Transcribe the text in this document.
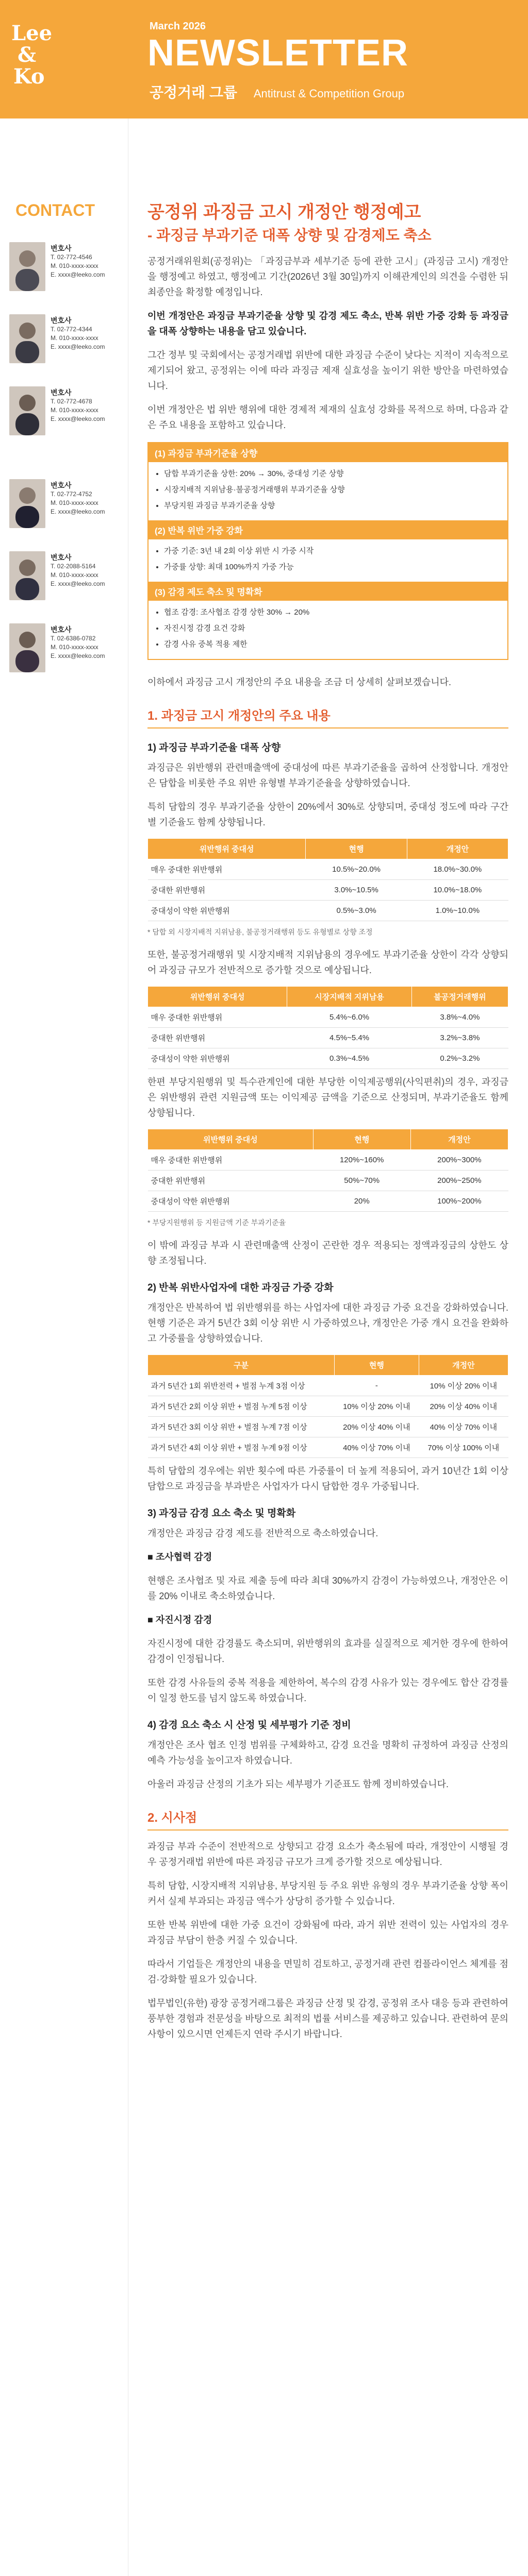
Lee
&
Ko
March 2026
NEWSLETTER
공정거래 그룹 Antitrust & Competition Group
CONTACT
변호사
T. 02-772-4546
M. 010-xxxx-xxxx
E. xxxx@leeko.com
변호사
T. 02-772-4344
M. 010-xxxx-xxxx
E. xxxx@leeko.com
변호사
T. 02-772-4678
M. 010-xxxx-xxxx
E. xxxx@leeko.com
변호사
T. 02-772-4752
M. 010-xxxx-xxxx
E. xxxx@leeko.com
변호사
T. 02-2088-5164
M. 010-xxxx-xxxx
E. xxxx@leeko.com
변호사
T. 02-6386-0782
M. 010-xxxx-xxxx
E. xxxx@leeko.com
공정위 과징금 고시 개정안 행정예고
- 과징금 부과기준 대폭 상향 및 감경제도 축소

공정거래위원회(공정위)는 「과징금부과 세부기준 등에 관한 고시」(과징금 고시) 개정안을 행정예고 하였고, 행정예고 기간(2026년 3월 30일)까지 이해관계인의 의견을 수렴한 뒤 최종안을 확정할 예정입니다.

이번 개정안은 과징금 부과기준율 상향 및 감경 제도 축소, 반복 위반 가중 강화 등 과징금을 대폭 상향하는 내용을 담고 있습니다.

그간 정부 및 국회에서는 공정거래법 위반에 대한 과징금 수준이 낮다는 지적이 지속적으로 제기되어 왔고, 공정위는 이에 따라 과징금 제재 실효성을 높이기 위한 방안을 마련하였습니다.

이번 개정안은 법 위반 행위에 대한 경제적 제재의 실효성 강화를 목적으로 하며, 다음과 같은 주요 내용을 포함하고 있습니다.

(1) 과징금 부과기준율 상향
• 담합 부과기준율 상한: 20% → 30%, 중대성 기준 상향
• 시장지배적 지위남용·불공정거래행위 부과기준율 상향
• 부당지원 과징금 부과기준율 상향
(2) 반복 위반 가중 강화
• 가중 기준: 3년 내 2회 이상 위반 시 가중 시작
• 가중률 상향: 최대 100%까지 가중 가능
(3) 감경 제도 축소 및 명확화
• 협조 감경: 조사협조 감경 상한 30% → 20%
• 자진시정 감경 요건 강화
• 감경 사유 중복 적용 제한

이하에서 과징금 고시 개정안의 주요 내용을 조금 더 상세히 살펴보겠습니다.

1. 과징금 고시 개정안의 주요 내용
1) 과징금 부과기준율 대폭 상향

과징금은 위반행위 관련매출액에 중대성에 따른 부과기준율을 곱하여 산정합니다. 개정안은 담합을 비롯한 주요 위반 유형별 부과기준율을 상향하였습니다.

특히 담합의 경우 부과기준율 상한이 20%에서 30%로 상향되며, 중대성 정도에 따라 구간별 기준율도 함께 상향됩니다.

위반행위 중대성	현행	개정안
매우 중대한 위반행위	10.5%~20.0%	18.0%~30.0%
중대한 위반행위	3.0%~10.5%	10.0%~18.0%
중대성이 약한 위반행위	0.5%~3.0%	1.0%~10.0%
* 담합 외 시장지배적 지위남용, 불공정거래행위 등도 유형별로 상향 조정

또한, 불공정거래행위 및 시장지배적 지위남용의 경우에도 부과기준율 상한이 각각 상향되어 과징금 규모가 전반적으로 증가할 것으로 예상됩니다.

위반행위 중대성	시장지배적 지위남용	불공정거래행위
매우 중대한 위반행위	5.4%~6.0%	3.8%~4.0%
중대한 위반행위	4.5%~5.4%	3.2%~3.8%
중대성이 약한 위반행위	0.3%~4.5%	0.2%~3.2%

한편 부당지원행위 및 특수관계인에 대한 부당한 이익제공행위(사익편취)의 경우, 과징금은 위반행위 관련 지원금액 또는 이익제공 금액을 기준으로 산정되며, 부과기준율도 함께 상향됩니다.

위반행위 중대성	현행	개정안
매우 중대한 위반행위	120%~160%	200%~300%
중대한 위반행위	50%~70%	200%~250%
중대성이 약한 위반행위	20%	100%~200%
* 부당지원행위 등 지원금액 기준 부과기준율

이 밖에 과징금 부과 시 관련매출액 산정이 곤란한 경우 적용되는 정액과징금의 상한도 상향 조정됩니다.

2) 반복 위반사업자에 대한 과징금 가중 강화

개정안은 반복하여 법 위반행위를 하는 사업자에 대한 과징금 가중 요건을 강화하였습니다. 현행 기준은 과거 5년간 3회 이상 위반 시 가중하였으나, 개정안은 가중 개시 요건을 완화하고 가중률을 상향하였습니다.

구분	현행	개정안
과거 5년간 1회 위반전력 + 벌점 누계 3점 이상	-	10% 이상 20% 이내
과거 5년간 2회 이상 위반 + 벌점 누계 5점 이상	10% 이상 20% 이내	20% 이상 40% 이내
과거 5년간 3회 이상 위반 + 벌점 누계 7점 이상	20% 이상 40% 이내	40% 이상 70% 이내
과거 5년간 4회 이상 위반 + 벌점 누계 9점 이상	40% 이상 70% 이내	70% 이상 100% 이내

특히 담합의 경우에는 위반 횟수에 따른 가중률이 더 높게 적용되어, 과거 10년간 1회 이상 담합으로 과징금을 부과받은 사업자가 다시 담합한 경우 가중됩니다.

3) 과징금 감경 요소 축소 및 명확화

개정안은 과징금 감경 제도를 전반적으로 축소하였습니다.

■ 조사협력 감경

현행은 조사협조 및 자료 제출 등에 따라 최대 30%까지 감경이 가능하였으나, 개정안은 이를 20% 이내로 축소하였습니다.

■ 자진시정 감경

자진시정에 대한 감경률도 축소되며, 위반행위의 효과를 실질적으로 제거한 경우에 한하여 감경이 인정됩니다.

또한 감경 사유들의 중복 적용을 제한하여, 복수의 감경 사유가 있는 경우에도 합산 감경률이 일정 한도를 넘지 않도록 하였습니다.

4) 감경 요소 축소 시 산정 및 세부평가 기준 정비

개정안은 조사 협조 인정 범위를 구체화하고, 감경 요건을 명확히 규정하여 과징금 산정의 예측 가능성을 높이고자 하였습니다.

아울러 과징금 산정의 기초가 되는 세부평가 기준표도 함께 정비하였습니다.

2. 시사점

과징금 부과 수준이 전반적으로 상향되고 감경 요소가 축소됨에 따라, 개정안이 시행될 경우 공정거래법 위반에 따른 과징금 규모가 크게 증가할 것으로 예상됩니다.

특히 담합, 시장지배적 지위남용, 부당지원 등 주요 위반 유형의 경우 부과기준율 상향 폭이 커서 실제 부과되는 과징금 액수가 상당히 증가할 수 있습니다.

또한 반복 위반에 대한 가중 요건이 강화됨에 따라, 과거 위반 전력이 있는 사업자의 경우 과징금 부담이 한층 커질 수 있습니다.

따라서 기업들은 개정안의 내용을 면밀히 검토하고, 공정거래 관련 컴플라이언스 체계를 점검·강화할 필요가 있습니다.

법무법인(유한) 광장 공정거래그룹은 과징금 산정 및 감경, 공정위 조사 대응 등과 관련하여 풍부한 경험과 전문성을 바탕으로 최적의 법률 서비스를 제공하고 있습니다. 관련하여 문의사항이 있으시면 언제든지 연락 주시기 바랍니다.
